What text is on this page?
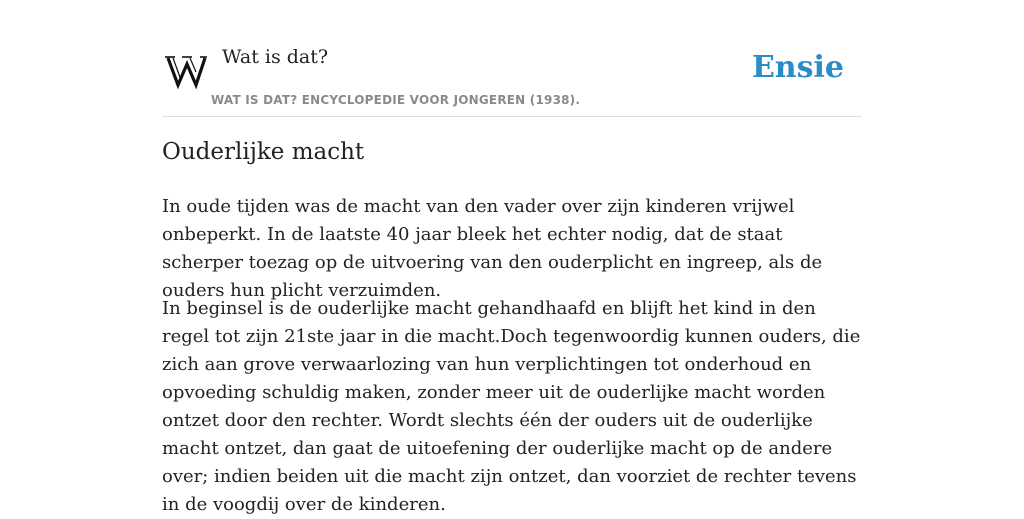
Wat is dat?
WAT IS DAT? ENCYCLOPEDIE VOOR JONGEREN (1938).
Ensie
Ouderlijke macht

In oude tijden was de macht van den vader over zijn kinderen vrijwel onbeperkt. In de laatste 40 jaar bleek het echter nodig, dat de staat scherper toezag op de uitvoering van den ouderplicht en ingreep, als de ouders hun plicht verzuimden.

In beginsel is de ouderlijke macht gehandhaafd en blijft het kind in den regel tot zijn 21ste jaar in die macht.Doch tegenwoordig kunnen ouders, die zich aan grove verwaarlozing van hun verplichtingen tot onderhoud en opvoeding schuldig maken, zonder meer uit de ouderlijke macht worden ontzet door den rechter. Wordt slechts één der ouders uit de ouderlijke macht ontzet, dan gaat de uitoefening der ouderlijke macht op de andere over; indien beiden uit die macht zijn ontzet, dan voorziet de rechter tevens in de voogdij over de kinderen.
